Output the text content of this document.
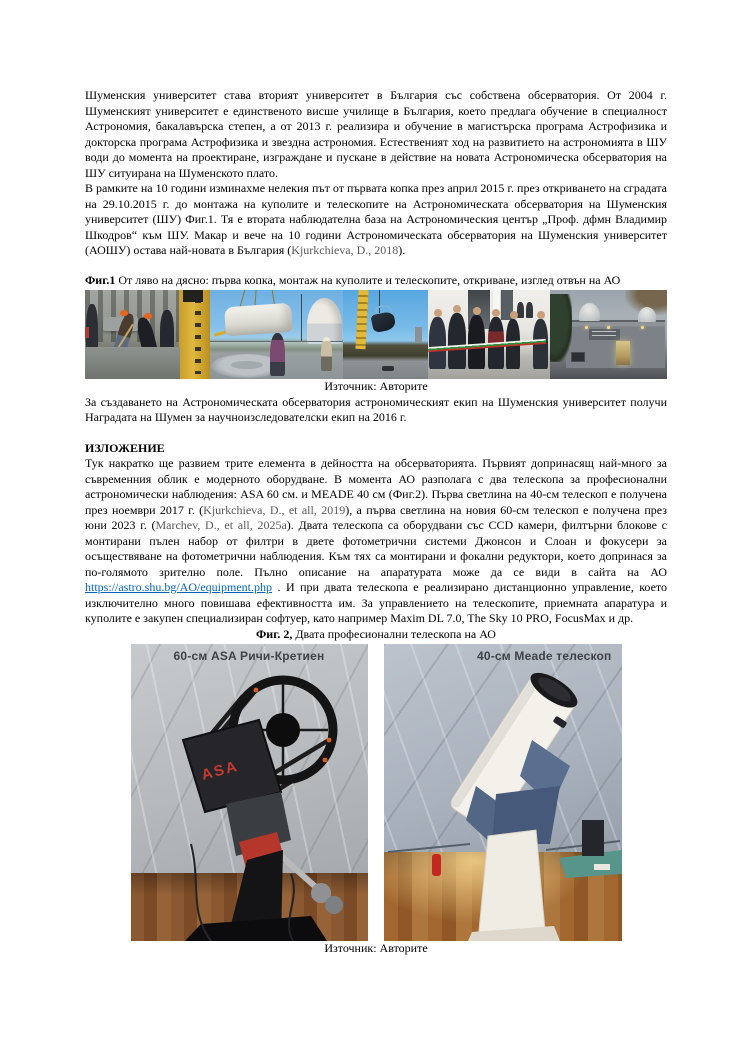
Шуменския университет става вторият университет в България със собствена обсерватория. От 2004 г. Шуменският университет е единственото висше училище в България, което предлага обучение в специалност Астрономия, бакалавърска степен, а от 2013 г. реализира и обучение в магистърска програма Астрофизика и докторска програма Астрофизика и звездна астрономия. Естественият ход на развитието на астрономията в ШУ води до момента на проектиране, изграждане и пускане в действие на новата Астрономическа обсерватория на ШУ ситуирана на Шуменското плато.

В рамките на 10 години изминахме нелекия път от първата копка през април 2015 г. през откриването на сградата на 29.10.2015 г. до монтажа на куполите и телескопите на Астрономическата обсерватория на Шуменския университет (ШУ) Фиг.1. Тя е втората наблюдателна база на Астрономическия център „Проф. дфмн Владимир Шкодров“ към ШУ. Макар и вече на 10 години Астрономическата обсерватория на Шуменския университет (АОШУ) остава най-новата в България (Kjurkchieva, D., 2018).

Фиг.1 От ляво на дясно: първа копка, монтаж на куполите и телескопите, откриване, изглед отвън на АО

Източник: Авторите

За създаването на Астрономическата обсерватория астрономическият екип на Шуменския университет получи Наградата на Шумен за научноизследователски екип на 2016 г.

ИЗЛОЖЕНИЕ

Тук накратко ще развием трите елемента в дейността на обсерваторията. Първият допринасящ най-много за съвременния облик е модерното оборудване. В момента АО разполага с два телескопа за професионални астрономически наблюдения: ASA 60 см. и MEADE 40 см (Фиг.2). Първа светлина на 40-см телескоп е получена през ноември 2017 г. (Kjurkchieva, D., et all, 2019), а първа светлина на новия 60-см телескоп е получена през юни 2023 г. (Marchev, D., et all, 2025a). Двата телескопа са оборудвани със CCD камери, филтърни блокове с монтирани пълен набор от филтри в двете фотометрични системи Джонсон и Слоан и фокусери за осъществяване на фотометрични наблюдения. Към тях са монтирани и фокални редуктори, което допринася за по-голямото зрително поле. Пълно описание на апаратурата може да се види в сайта на АО https://astro.shu.bg/AO/equipment.php . И при двата телескопа е реализирано дистанционно управление, което изключително много повишава ефективността им. За управлението на телескопите, приемната апаратура и куполите е закупен специализиран софтуер, като например Maxim DL 7.0, The Sky 10 PRO, FocusMax и др.

Фиг. 2, Двата професионални телескопа на АО

ASA
60-см ASA Ричи-Кретиен	40-см Meade телескоп

Източник: Авторите
